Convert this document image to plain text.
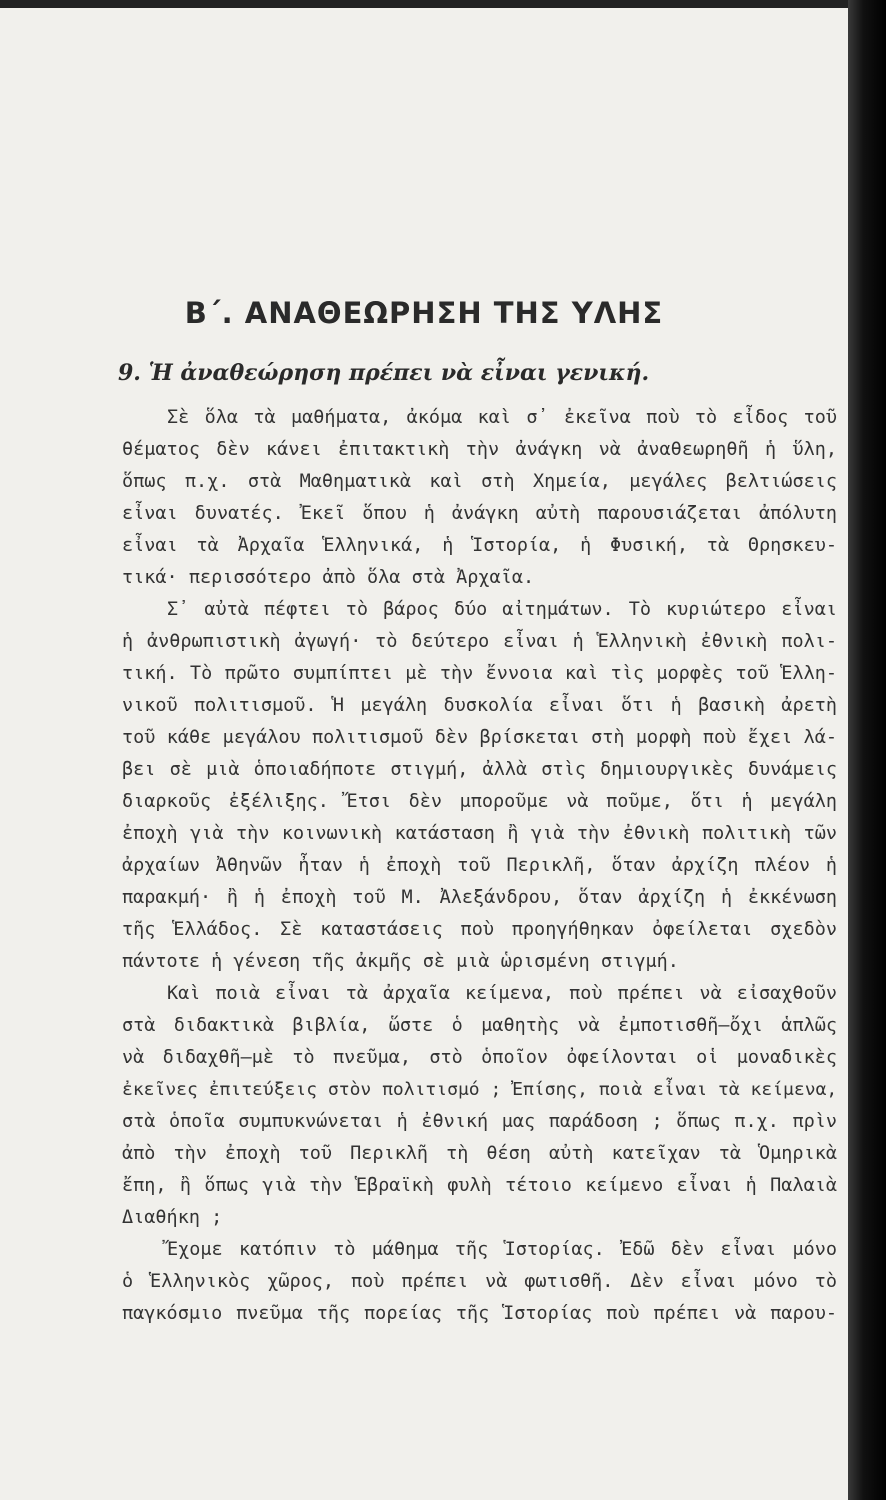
Β΄. ΑΝΑΘΕΩΡΗΣΗ ΤΗΣ ΥΛΗΣ
9. Ἡ ἀναθεώρηση πρέπει νὰ εἶναι γενική.
Σὲ ὅλα τὰ μαθήματα, ἀκόμα καὶ σ᾿ ἐκεῖνα ποὺ τὸ εἶδος τοῦ
θέματος δὲν κάνει ἐπιτακτικὴ τὴν ἀνάγκη νὰ ἀναθεωρηθῆ ἡ ὕλη,
ὅπως π.χ. στὰ Μαθηματικὰ καὶ στὴ Χημεία, μεγάλες βελτιώσεις
εἶναι δυνατές. Ἐκεῖ ὅπου ἡ ἀνάγκη αὐτὴ παρουσιάζεται ἀπόλυτη
εἶναι τὰ Ἀρχαῖα Ἑλληνικά, ἡ Ἱστορία, ἡ Φυσική, τὰ Θρησκευ-
τικά· περισσότερο ἀπὸ ὅλα στὰ Ἀρχαῖα.
Σ᾿ αὐτὰ πέφτει τὸ βάρος δύο αἰτημάτων. Τὸ κυριώτερο εἶναι
ἡ ἀνθρωπιστικὴ ἀγωγή· τὸ δεύτερο εἶναι ἡ Ἑλληνικὴ ἐθνικὴ πολι-
τική. Τὸ πρῶτο συμπίπτει μὲ τὴν ἔννοια καὶ τὶς μορφὲς τοῦ Ἑλλη-
νικοῦ πολιτισμοῦ. Ἡ μεγάλη δυσκολία εἶναι ὅτι ἡ βασικὴ ἀρετὴ
τοῦ κάθε μεγάλου πολιτισμοῦ δὲν βρίσκεται στὴ μορφὴ ποὺ ἔχει λά-
βει σὲ μιὰ ὁποιαδήποτε στιγμή, ἀλλὰ στὶς δημιουργικὲς δυνάμεις
διαρκοῦς ἐξέλιξης. Ἔτσι δὲν μποροῦμε νὰ ποῦμε, ὅτι ἡ μεγάλη
ἐποχὴ γιὰ τὴν κοινωνικὴ κατάσταση ἢ γιὰ τὴν ἐθνικὴ πολιτικὴ τῶν
ἀρχαίων Ἀθηνῶν ἦταν ἡ ἐποχὴ τοῦ Περικλῆ, ὅταν ἀρχίζη πλέον ἡ
παρακμή· ἢ ἡ ἐποχὴ τοῦ Μ. Ἀλεξάνδρου, ὅταν ἀρχίζη ἡ ἐκκένωση
τῆς Ἑλλάδος. Σὲ καταστάσεις ποὺ προηγήθηκαν ὀφείλεται σχεδὸν
πάντοτε ἡ γένεση τῆς ἀκμῆς σὲ μιὰ ὡρισμένη στιγμή.
Καὶ ποιὰ εἶναι τὰ ἀρχαῖα κείμενα, ποὺ πρέπει νὰ εἰσαχθοῦν
στὰ διδακτικὰ βιβλία, ὥστε ὁ μαθητὴς νὰ ἐμποτισθῆ—ὄχι ἁπλῶς
νὰ διδαχθῆ—μὲ τὸ πνεῦμα, στὸ ὁποῖον ὀφείλονται οἱ μοναδικὲς
ἐκεῖνες ἐπιτεύξεις στὸν πολιτισμό ; Ἐπίσης, ποιὰ εἶναι τὰ κείμενα,
στὰ ὁποῖα συμπυκνώνεται ἡ ἐθνική μας παράδοση ; ὅπως π.χ. πρὶν
ἀπὸ τὴν ἐποχὴ τοῦ Περικλῆ τὴ θέση αὐτὴ κατεῖχαν τὰ Ὁμηρικὰ
ἔπη, ἢ ὅπως γιὰ τὴν Ἑβραϊκὴ φυλὴ τέτοιο κείμενο εἶναι ἡ Παλαιὰ
Διαθήκη ;
Ἔχομε κατόπιν τὸ μάθημα τῆς Ἱστορίας. Ἐδῶ δὲν εἶναι μόνο
ὁ Ἑλληνικὸς χῶρος, ποὺ πρέπει νὰ φωτισθῆ. Δὲν εἶναι μόνο τὸ
παγκόσμιο πνεῦμα τῆς πορείας τῆς Ἱστορίας ποὺ πρέπει νὰ παρου-
